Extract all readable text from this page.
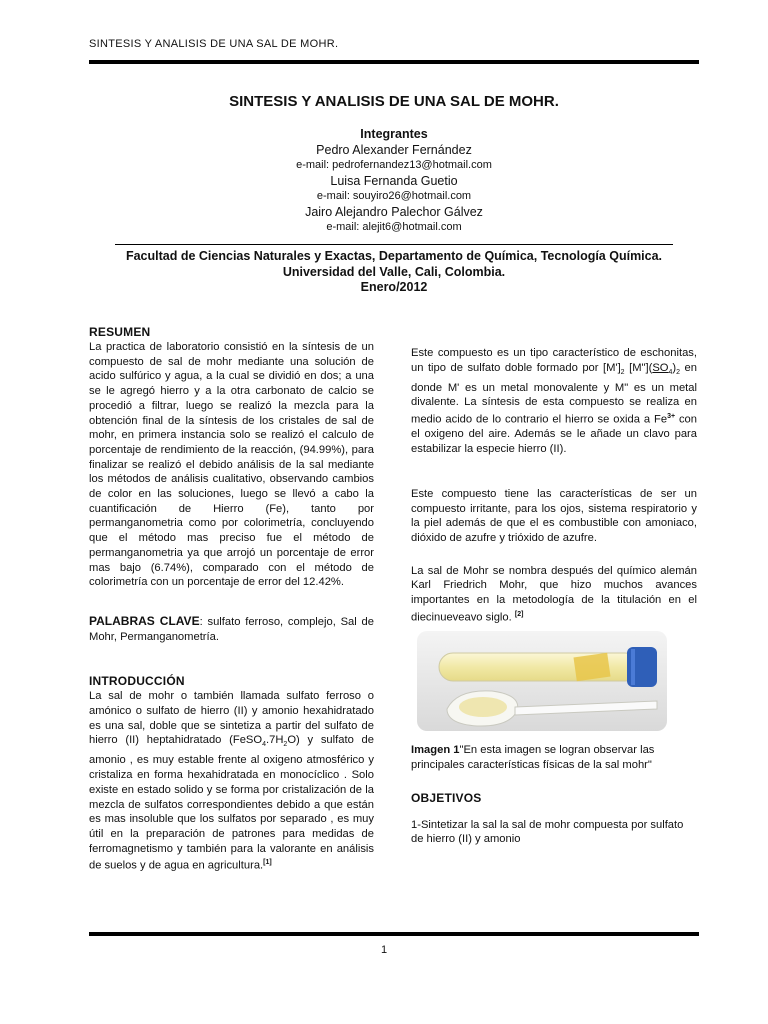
SINTESIS Y ANALISIS DE UNA SAL DE MOHR.
SINTESIS Y ANALISIS DE UNA SAL DE MOHR.
Integrantes
Pedro Alexander Fernández
e-mail: pedrofernandez13@hotmail.com
Luisa Fernanda Guetio
e-mail: souyiro26@hotmail.com
Jairo Alejandro Palechor Gálvez
e-mail: alejit6@hotmail.com
Facultad de Ciencias Naturales y Exactas, Departamento de Química, Tecnología Química.
Universidad del Valle, Cali, Colombia.
Enero/2012
RESUMEN

La practica de laboratorio consistió en la síntesis de un compuesto de sal de mohr mediante una solución de acido sulfúrico y agua, a la cual se dividió en dos; a una se le agregó hierro y a la otra carbonato de calcio se procedió a filtrar, luego se realizó la mezcla para la obtención final de la síntesis de los cristales de sal de mohr, en primera instancia solo se realizó el calculo de porcentaje de rendimiento de la reacción, (94.99%), para finalizar se realizó el debido análisis de la sal mediante los métodos de análisis cualitativo, observando cambios de color en las soluciones, luego se llevó a cabo la cuantificación de Hierro (Fe), tanto por permanganometria como por colorimetría, concluyendo que el método mas preciso fue el método de permanganometria ya que arrojó un porcentaje de error mas bajo (6.74%), comparado con el método de colorimetría con un porcentaje de error del 12.42%.

PALABRAS CLAVE: sulfato ferroso, complejo, Sal de Mohr, Permanganometría.

INTRODUCCIÓN

La sal de mohr o también llamada sulfato ferroso o amónico o sulfato de hierro (II) y amonio hexahidratado es una sal, doble que se sintetiza a partir del sulfato de hierro (II) heptahidratado $(FeSO_4.7H_2O)$ y sulfato de amonio , es muy estable frente al oxigeno atmosférico y cristaliza en forma hexahidratada en monocíclico . Solo existe en estado solido y se forma por cristalización de la mezcla de sulfatos correspondientes debido a que están es mas insoluble que los sulfatos por separado , es muy útil en la preparación de patrones para medidas de ferromagnetismo y también para la valorante en análisis de suelos y de agua en agricultura.[1]

Este compuesto es un tipo característico de eschonitas, un tipo de sulfato doble formado por $[M']_2$ $[M"](SO_4)_2$ en donde M' es un metal monovalente y M" es un metal divalente. La síntesis de esta compuesto se realiza en medio acido de lo contrario el hierro se oxida a $Fe^{3+}$ con el oxigeno del aire. Además se le añade un clavo para estabilizar la especie hierro (II).

Este compuesto tiene las características de ser un compuesto irritante, para los ojos, sistema respiratorio y la piel además de que el es combustible con amoniaco, dióxido de azufre y trióxido de azufre.

La sal de Mohr se nombra después del químico alemán Karl Friedrich Mohr, que hizo muchos avances importantes en la metodología de la titulación en el diecinueveavo siglo. [2]

Imagen 1"En esta imagen se logran observar las principales características físicas de la sal mohr"
OBJETIVOS

1-Sintetizar la sal la sal de mohr compuesta por sulfato de hierro (II) y amonio

1
